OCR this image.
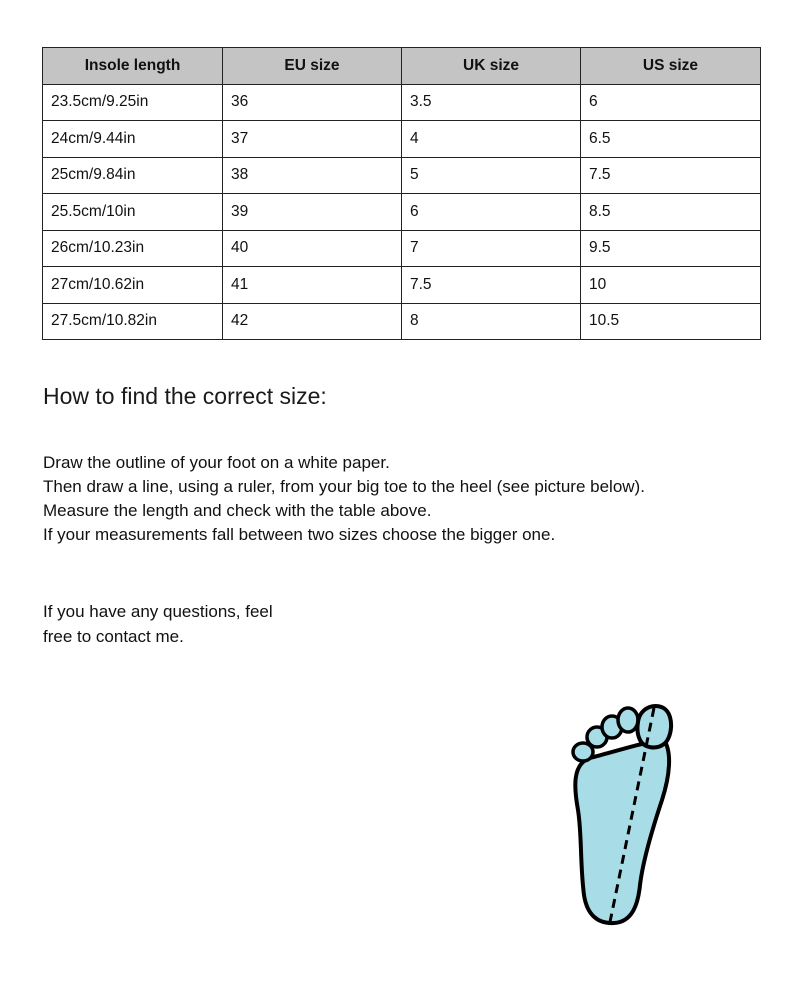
Insole length	EU size	UK size	US size
23.5cm/9.25in	36	3.5	6
24cm/9.44in	37	4	6.5
25cm/9.84in	38	5	7.5
25.5cm/10in	39	6	8.5
26cm/10.23in	40	7	9.5
27cm/10.62in	41	7.5	10
27.5cm/10.82in	42	8	10.5
How to find the correct size:

Draw the outline of your foot on a white paper.

Then draw a line, using a ruler, from your big toe to the heel (see picture below).

Measure the length and check with the table above.

If your measurements fall between two sizes choose the bigger one.

If you have any questions, feel

free to contact me.
